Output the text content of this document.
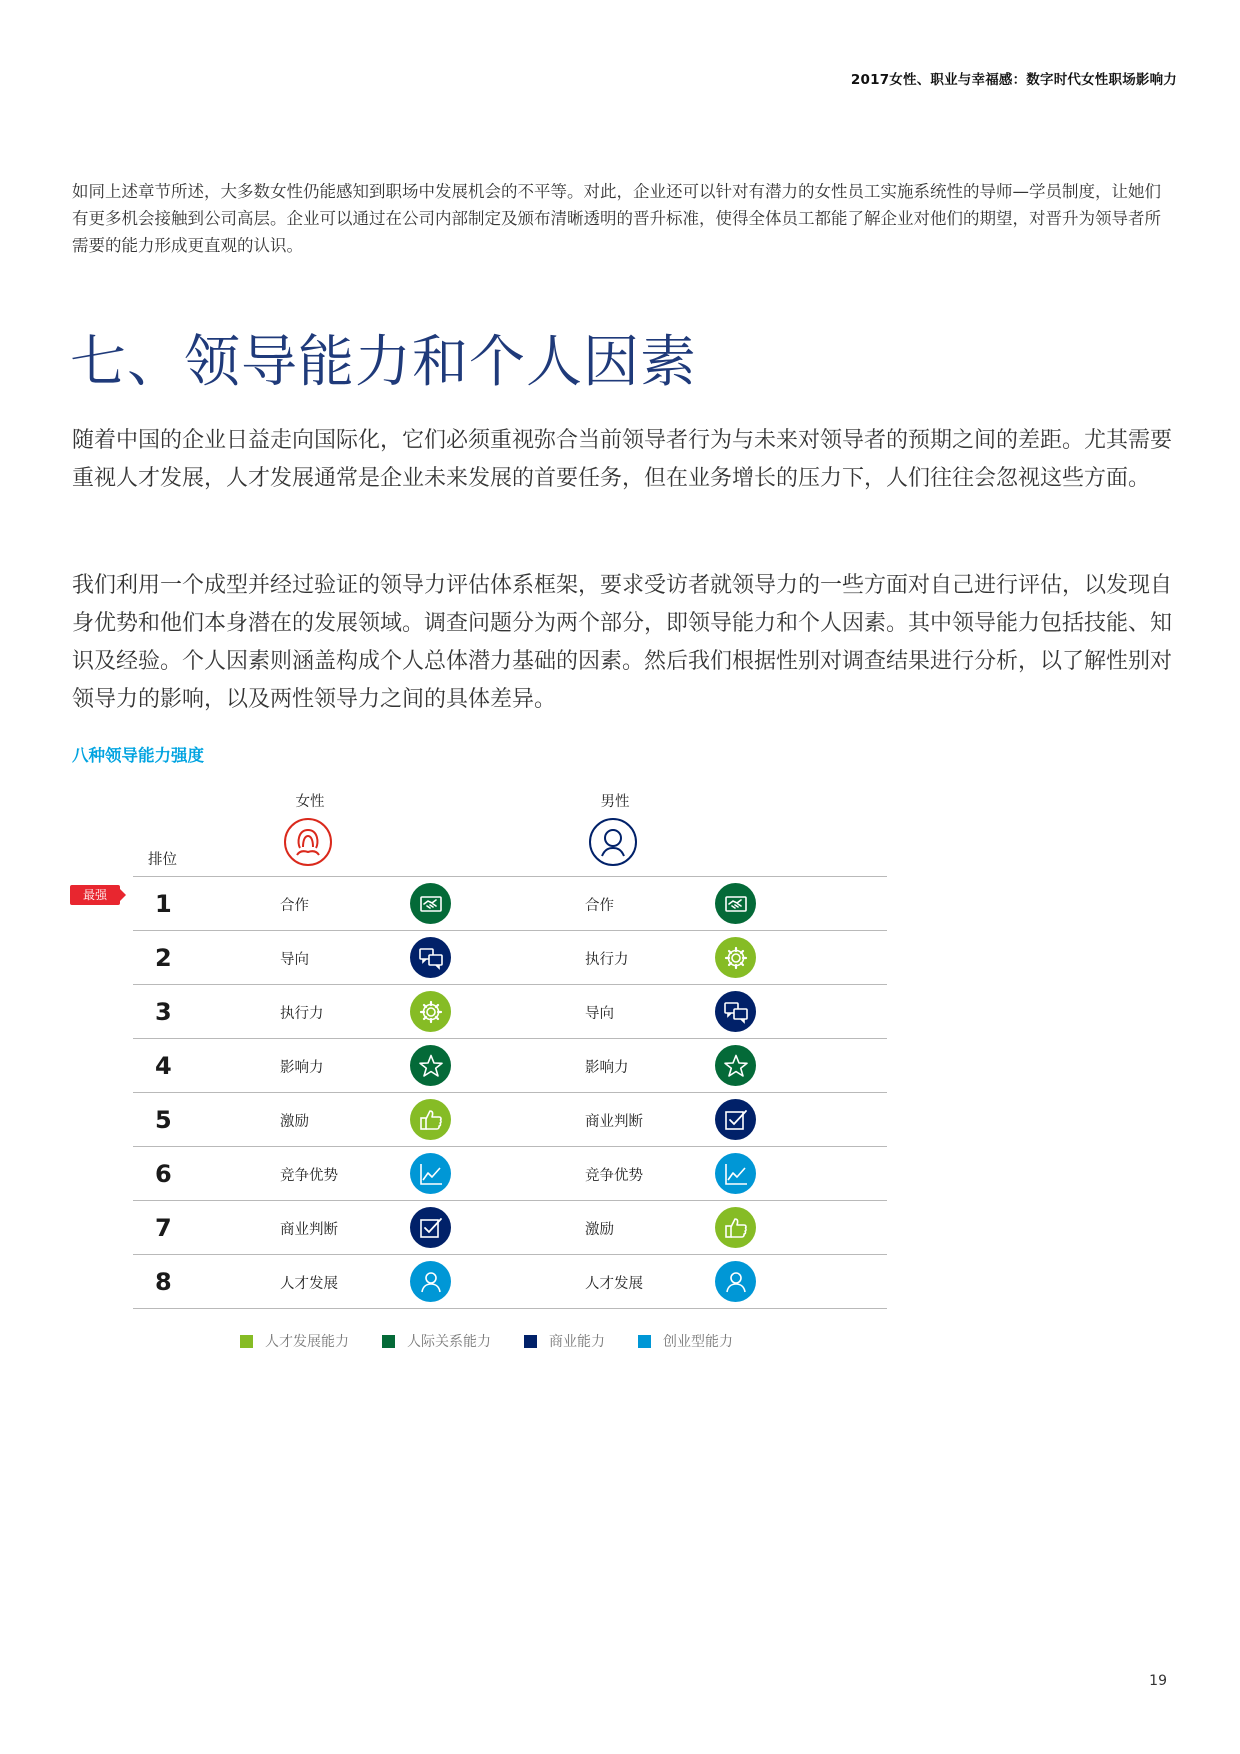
2017女性、职业与幸福感：数字时代女性职场影响力

如同上述章节所述，大多数女性仍能感知到职场中发展机会的不平等。对此，企业还可以针对有潜力的女性员工实施系统性的导师—学员制度，让她们有更多机会接触到公司高层。企业可以通过在公司内部制定及颁布清晰透明的晋升标准，使得全体员工都能了解企业对他们的期望，对晋升为领导者所需要的能力形成更直观的认识。

七、领导能力和个人因素

随着中国的企业日益走向国际化，它们必须重视弥合当前领导者行为与未来对领导者的预期之间的差距。尤其需要重视人才发展，人才发展通常是企业未来发展的首要任务，但在业务增长的压力下，人们往往会忽视这些方面。

我们利用一个成型并经过验证的领导力评估体系框架，要求受访者就领导力的一些方面对自己进行评估，以发现自身优势和他们本身潜在的发展领域。调查问题分为两个部分，即领导能力和个人因素。其中领导能力包括技能、知识及经验。个人因素则涵盖构成个人总体潜力基础的因素。然后我们根据性别对调查结果进行分析，以了解性别对领导力的影响，以及两性领导力之间的具体差异。

八种领导能力强度
女性	男性
排位
最强	1	合作	合作
2	导向	执行力
3	执行力	导向
4	影响力	影响力
5	激励	商业判断
6	竞争优势	竞争优势
7	商业判断	激励
8	人才发展	人才发展
人才发展能力	人际关系能力	商业能力	创业型能力
19
